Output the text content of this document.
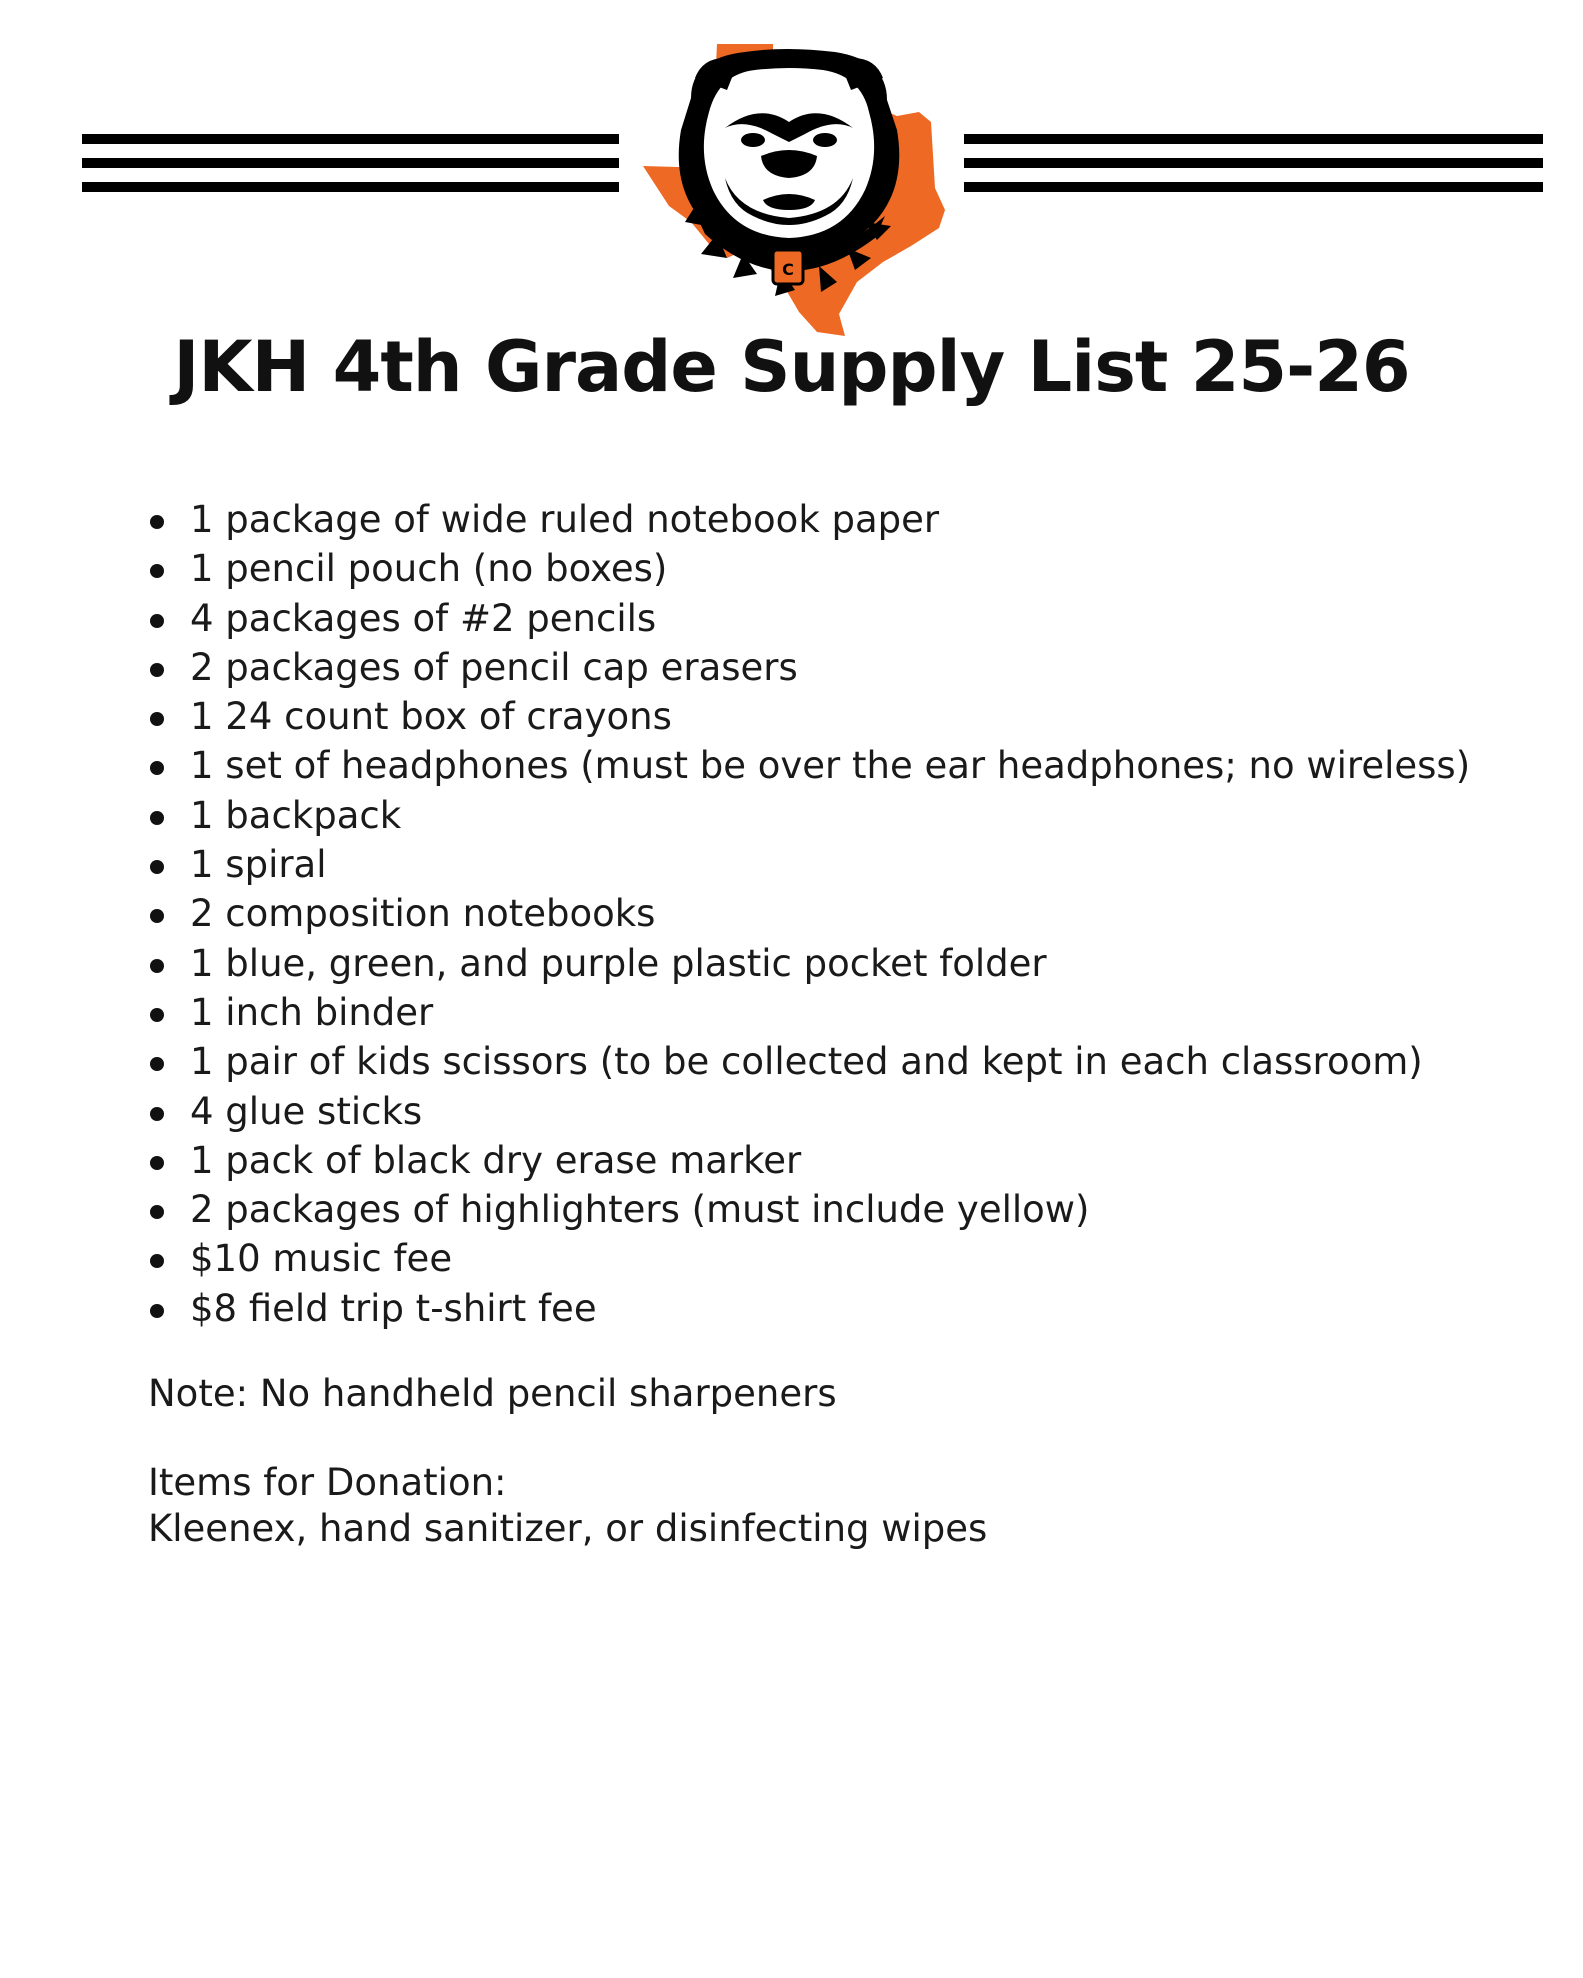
C
JKH 4th Grade Supply List 25-26
1 package of wide ruled notebook paper
1 pencil pouch (no boxes)
4 packages of #2 pencils
2 packages of pencil cap erasers
1 24 count box of crayons
1 set of headphones (must be over the ear headphones; no wireless)
1 backpack
1 spiral
2 composition notebooks
1 blue, green, and purple plastic pocket folder
1 inch binder
1 pair of kids scissors (to be collected and kept in each classroom)
4 glue sticks
1 pack of black dry erase marker
2 packages of highlighters (must include yellow)
$10 music fee
$8 field trip t-shirt fee
Note: No handheld pencil sharpeners
Items for Donation:
Kleenex, hand sanitizer, or disinfecting wipes
